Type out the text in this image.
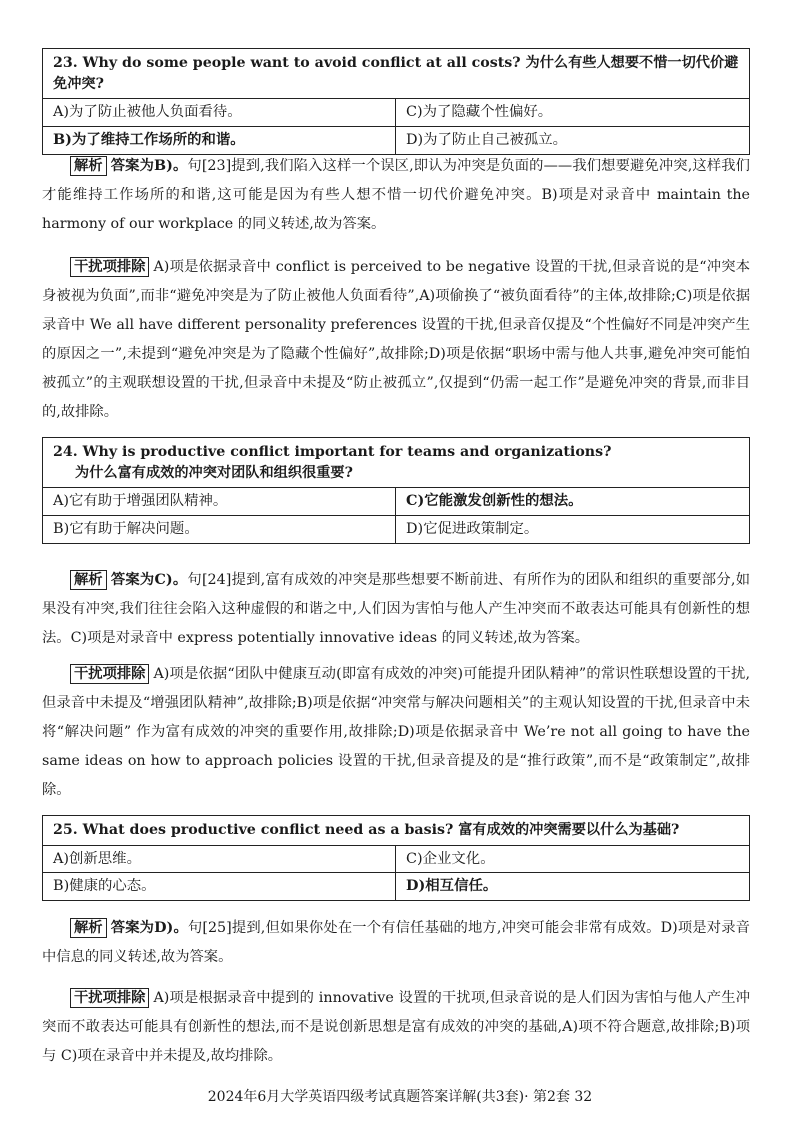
23. Why do some people want to avoid conflict at all costs? 为什么有些人想要不惜一切代价避免冲突?
A)为了防止被他人负面看待。	C)为了隐藏个性偏好。
B)为了维持工作场所的和谐。	D)为了防止自己被孤立。

解析 答案为B)。句[23]提到,我们陷入这样一个误区,即认为冲突是负面的——我们想要避免冲突,这样我们才能维持工作场所的和谐,这可能是因为有些人想不惜一切代价避免冲突。B)项是对录音中 maintain the harmony of our workplace 的同义转述,故为答案。

干扰项排除 A)项是依据录音中 conflict is perceived to be negative 设置的干扰,但录音说的是“冲突本身被视为负面”,而非“避免冲突是为了防止被他人负面看待”,A)项偷换了“被负面看待”的主体,故排除;C)项是依据录音中 We all have different personality preferences 设置的干扰,但录音仅提及“个性偏好不同是冲突产生的原因之一”,未提到“避免冲突是为了隐藏个性偏好”,故排除;D)项是依据“职场中需与他人共事,避免冲突可能怕被孤立”的主观联想设置的干扰,但录音中未提及“防止被孤立”,仅提到“仍需一起工作”是避免冲突的背景,而非目的,故排除。

24. Why is productive conflict important for teams and organizations?
为什么富有成效的冲突对团队和组织很重要?
A)它有助于增强团队精神。	C)它能激发创新性的想法。
B)它有助于解决问题。	D)它促进政策制定。

解析 答案为C)。句[24]提到,富有成效的冲突是那些想要不断前进、有所作为的团队和组织的重要部分,如果没有冲突,我们往往会陷入这种虚假的和谐之中,人们因为害怕与他人产生冲突而不敢表达可能具有创新性的想法。C)项是对录音中 express potentially innovative ideas 的同义转述,故为答案。

干扰项排除 A)项是依据“团队中健康互动(即富有成效的冲突)可能提升团队精神”的常识性联想设置的干扰,但录音中未提及“增强团队精神”,故排除;B)项是依据“冲突常与解决问题相关”的主观认知设置的干扰,但录音中未将“解决问题” 作为富有成效的冲突的重要作用,故排除;D)项是依据录音中 We’re not all going to have the same ideas on how to approach policies 设置的干扰,但录音提及的是“推行政策”,而不是“政策制定”,故排除。

25. What does productive conflict need as a basis? 富有成效的冲突需要以什么为基础?
A)创新思维。	C)企业文化。
B)健康的心态。	D)相互信任。

解析 答案为D)。句[25]提到,但如果你处在一个有信任基础的地方,冲突可能会非常有成效。D)项是对录音中信息的同义转述,故为答案。

干扰项排除 A)项是根据录音中提到的 innovative 设置的干扰项,但录音说的是人们因为害怕与他人产生冲突而不敢表达可能具有创新性的想法,而不是说创新思想是富有成效的冲突的基础,A)项不符合题意,故排除;B)项与 C)项在录音中并未提及,故均排除。

2024年6月大学英语四级考试真题答案详解(共3套)· 第2套 32
